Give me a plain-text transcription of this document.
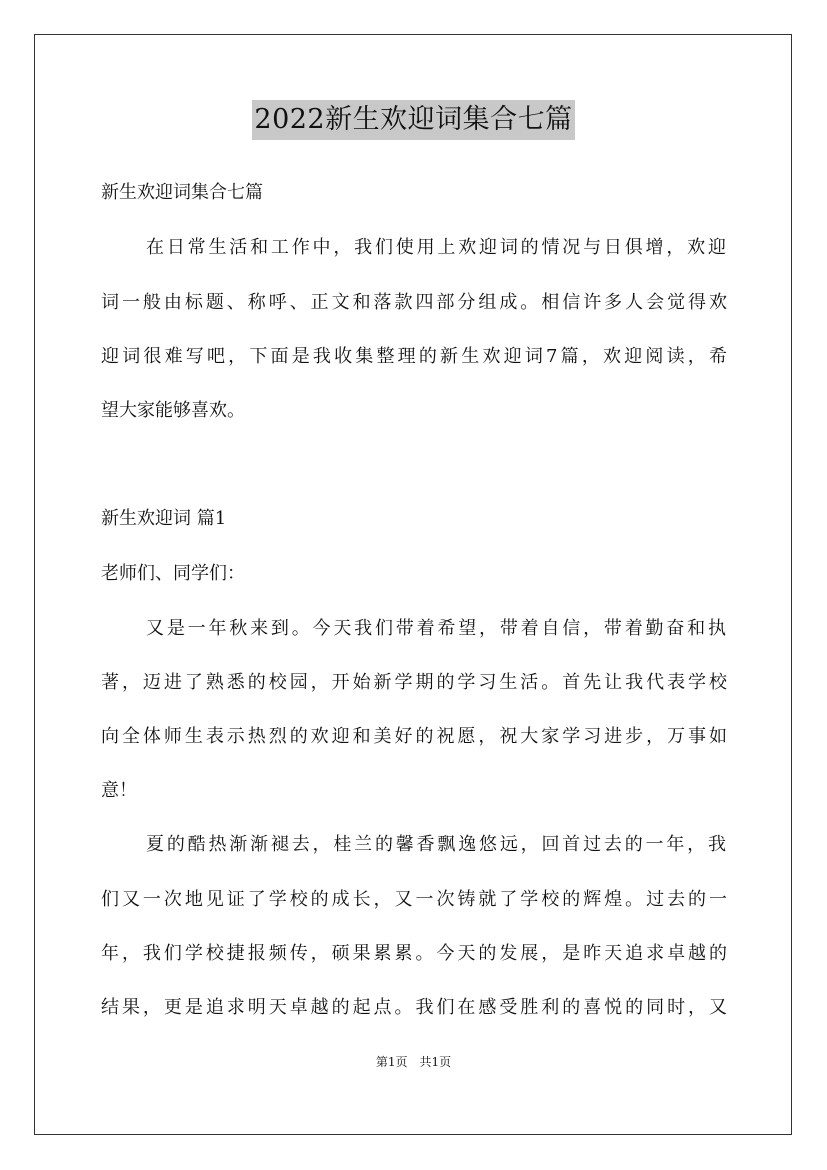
2022新生欢迎词集合七篇
新生欢迎词集合七篇
在日常生活和工作中，我们使用上欢迎词的情况与日俱增，欢迎
词一般由标题、称呼、正文和落款四部分组成。相信许多人会觉得欢
迎词很难写吧，下面是我收集整理的新生欢迎词7篇，欢迎阅读，希
望大家能够喜欢。
新生欢迎词 篇1
老师们、同学们：
又是一年秋来到。今天我们带着希望，带着自信，带着勤奋和执
著，迈进了熟悉的校园，开始新学期的学习生活。首先让我代表学校
向全体师生表示热烈的欢迎和美好的祝愿，祝大家学习进步，万事如
意！
夏的酷热渐渐褪去，桂兰的馨香飘逸悠远，回首过去的一年，我
们又一次地见证了学校的成长，又一次铸就了学校的辉煌。过去的一
年，我们学校捷报频传，硕果累累。今天的发展，是昨天追求卓越的
结果，更是追求明天卓越的起点。我们在感受胜利的喜悦的同时，又
第1页　共1页
